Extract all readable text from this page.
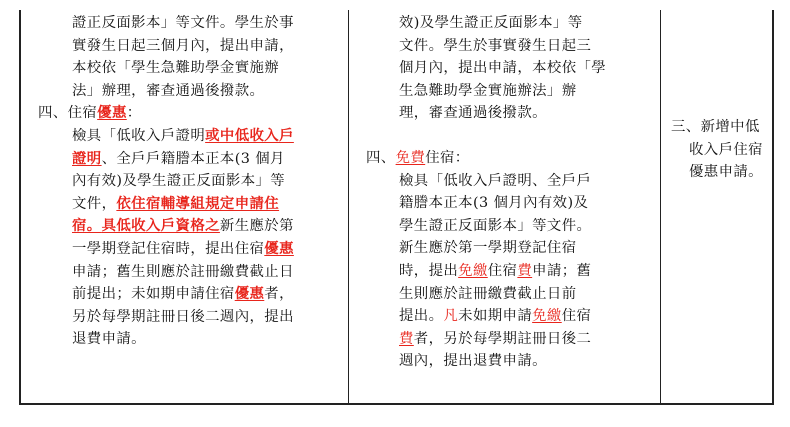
證正反面影本」等文件。學生於事
實發生日起三個月內，提出申請，
本校依「學生急難助學金實施辦
法」辦理，審查通過後撥款。
四、住宿優惠：
檢具「低收入戶證明或中低收入戶
證明、全戶戶籍謄本正本(3 個月
內有效)及學生證正反面影本」等
文件，依住宿輔導組規定申請住
宿。具低收入戶資格之新生應於第
一學期登記住宿時，提出住宿優惠
申請；舊生則應於註冊繳費截止日
前提出；未如期申請住宿優惠者，
另於每學期註冊日後二週內，提出
退費申請。
效)及學生證正反面影本」等
文件。學生於事實發生日起三
個月內，提出申請，本校依「學
生急難助學金實施辦法」辦
理，審查通過後撥款。
四、免費住宿：
檢具「低收入戶證明、全戶戶
籍謄本正本(3 個月內有效)及
學生證正反面影本」等文件。
新生應於第一學期登記住宿
時，提出免繳住宿費申請；舊
生則應於註冊繳費截止日前
提出。凡未如期申請免繳住宿
費者，另於每學期註冊日後二
週內，提出退費申請。
三、新增中低
收入戶住宿
優惠申請。
